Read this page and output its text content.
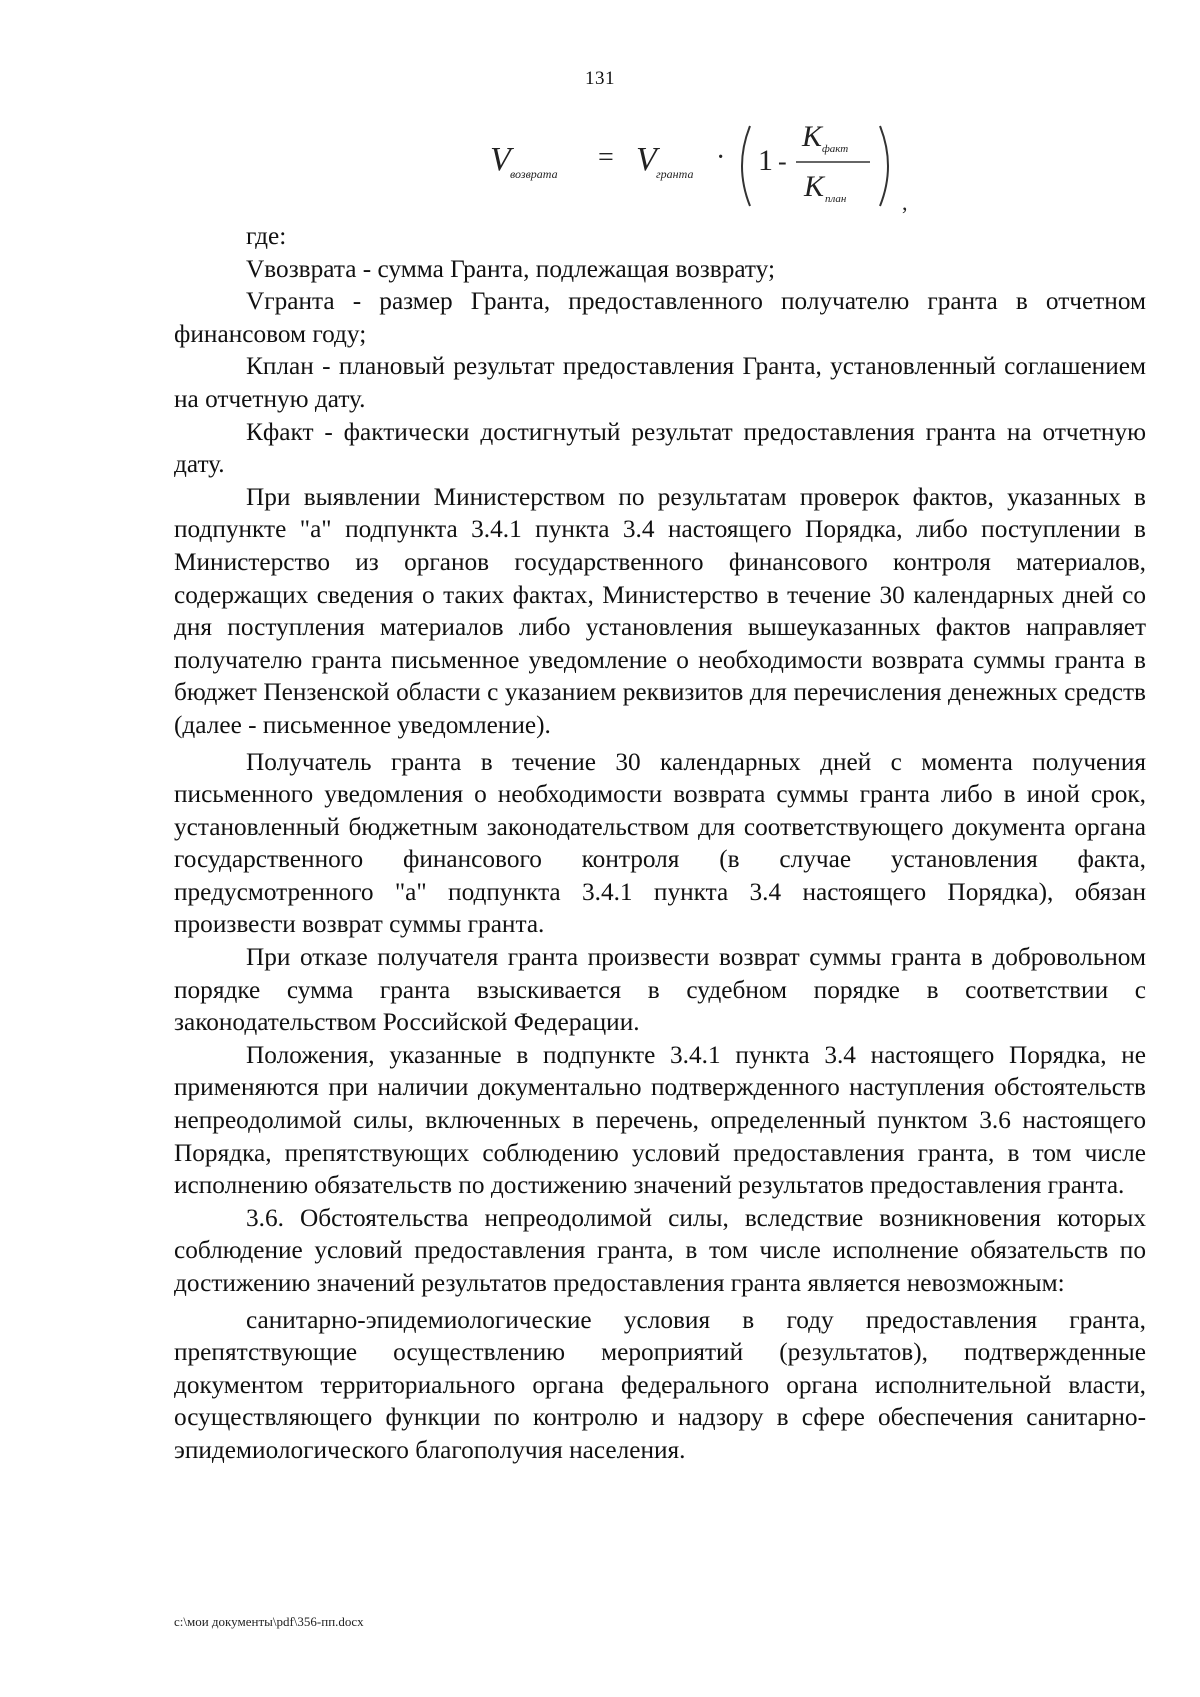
131
V возврата
= V гранта
· 1 -
K факт
K план	,

где:

Vвозврата - сумма Гранта, подлежащая возврату;

Vгранта - размер Гранта, предоставленного получателю гранта в отчетном финансовом году;

Кплан - плановый результат предоставления Гранта, установленный соглашением на отчетную дату.

Кфакт - фактически достигнутый результат предоставления гранта на отчетную дату.

При выявлении Министерством по результатам проверок фактов, указанных в подпункте "а" подпункта 3.4.1 пункта 3.4 настоящего Порядка, либо поступлении в Министерство из органов государственного финансового контроля материалов, содержащих сведения о таких фактах, Министерство в течение 30 календарных дней со дня поступления материалов либо установления вышеуказанных фактов направляет получателю гранта письменное уведомление о необходимости возврата суммы гранта в бюджет Пензенской области с указанием реквизитов для перечисления денежных средств (далее - письменное уведомление).

Получатель гранта в течение 30 календарных дней с момента получения письменного уведомления о необходимости возврата суммы гранта либо в иной срок, установленный бюджетным законодательством для соответствующего документа органа государственного финансового контроля (в случае установления факта, предусмотренного "а" подпункта 3.4.1 пункта 3.4 настоящего Порядка), обязан произвести возврат суммы гранта.

При отказе получателя гранта произвести возврат суммы гранта в добровольном порядке сумма гранта взыскивается в судебном порядке в соответствии с законодательством Российской Федерации.

Положения, указанные в подпункте 3.4.1 пункта 3.4 настоящего Порядка, не применяются при наличии документально подтвержденного наступления обстоятельств непреодолимой силы, включенных в перечень, определенный пунктом 3.6 настоящего Порядка, препятствующих соблюдению условий предоставления гранта, в том числе исполнению обязательств по достижению значений результатов предоставления гранта.

3.6. Обстоятельства непреодолимой силы, вследствие возникновения которых соблюдение условий предоставления гранта, в том числе исполнение обязательств по достижению значений результатов предоставления гранта является невозможным:

санитарно-эпидемиологические условия в году предоставления гранта, препятствующие осуществлению мероприятий (результатов), подтвержденные документом территориального органа федерального органа исполнительной власти, осуществляющего функции по контролю и надзору в сфере обеспечения санитарно-эпидемиологического благополучия населения.

c:\мои документы\pdf\356-пп.docx
